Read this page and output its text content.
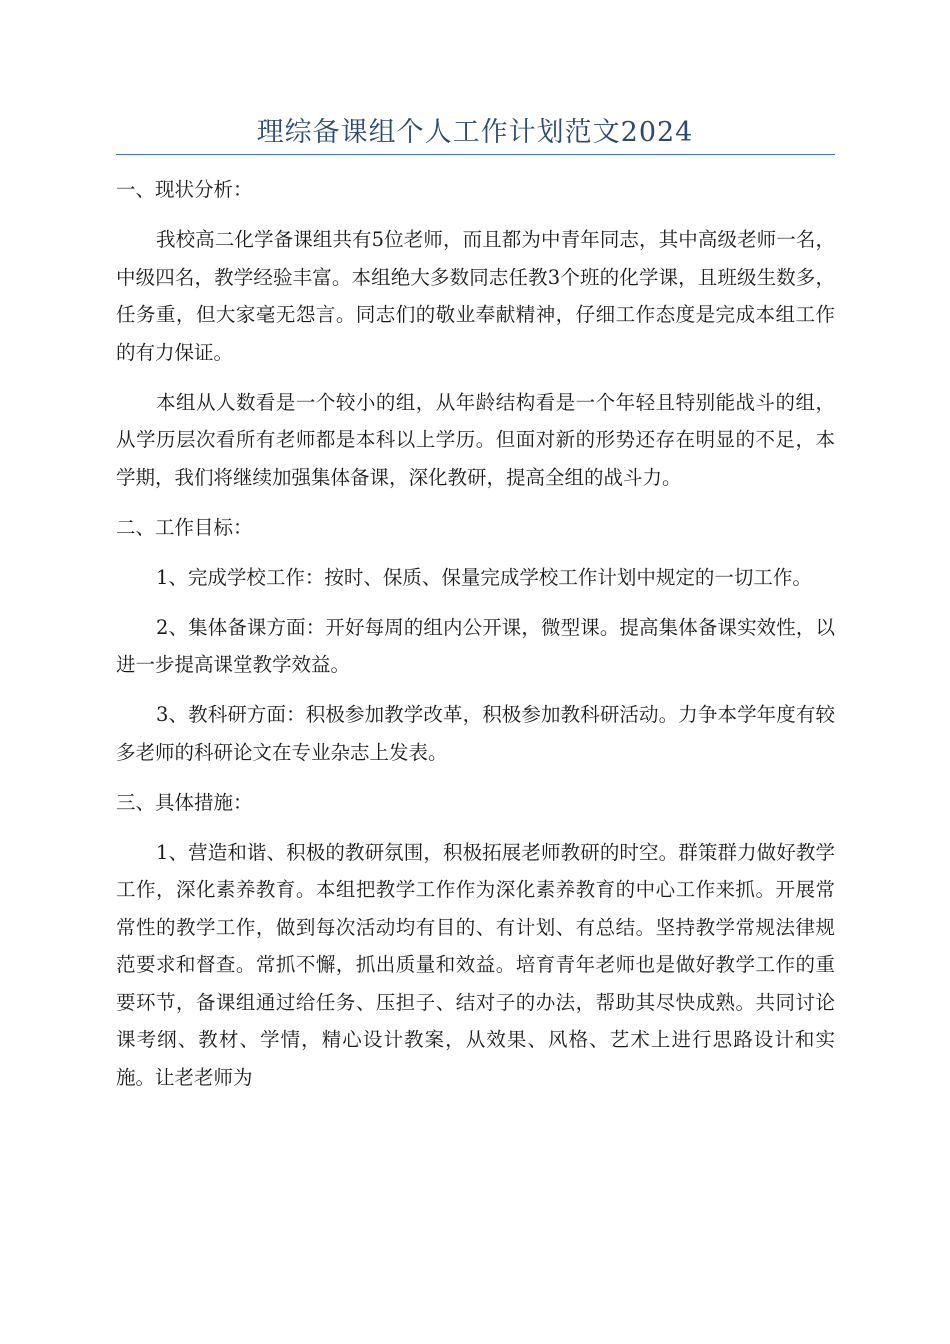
理综备课组个人工作计划范文2024

一、现状分析：

我校高二化学备课组共有5位老师，而且都为中青年同志，其中高级老师一名，中级四名，教学经验丰富。本组绝大多数同志任教3个班的化学课，且班级生数多，任务重，但大家毫无怨言。同志们的敬业奉献精神，仔细工作态度是完成本组工作的有力保证。

本组从人数看是一个较小的组，从年龄结构看是一个年轻且特别能战斗的组，从学历层次看所有老师都是本科以上学历。但面对新的形势还存在明显的不足，本学期，我们将继续加强集体备课，深化教研，提高全组的战斗力。

二、工作目标：

1、完成学校工作：按时、保质、保量完成学校工作计划中规定的一切工作。

2、集体备课方面：开好每周的组内公开课，微型课。提高集体备课实效性，以进一步提高课堂教学效益。

3、教科研方面：积极参加教学改革，积极参加教科研活动。力争本学年度有较多老师的科研论文在专业杂志上发表。

三、具体措施：

1、营造和谐、积极的教研氛围，积极拓展老师教研的时空。群策群力做好教学工作，深化素养教育。本组把教学工作作为深化素养教育的中心工作来抓。开展常常性的教学工作，做到每次活动均有目的、有计划、有总结。坚持教学常规法律规范要求和督查。常抓不懈，抓出质量和效益。培育青年老师也是做好教学工作的重要环节，备课组通过给任务、压担子、结对子的办法，帮助其尽快成熟。共同讨论课考纲、教材、学情，精心设计教案，从效果、风格、艺术上进行思路设计和实施。让老老师为
